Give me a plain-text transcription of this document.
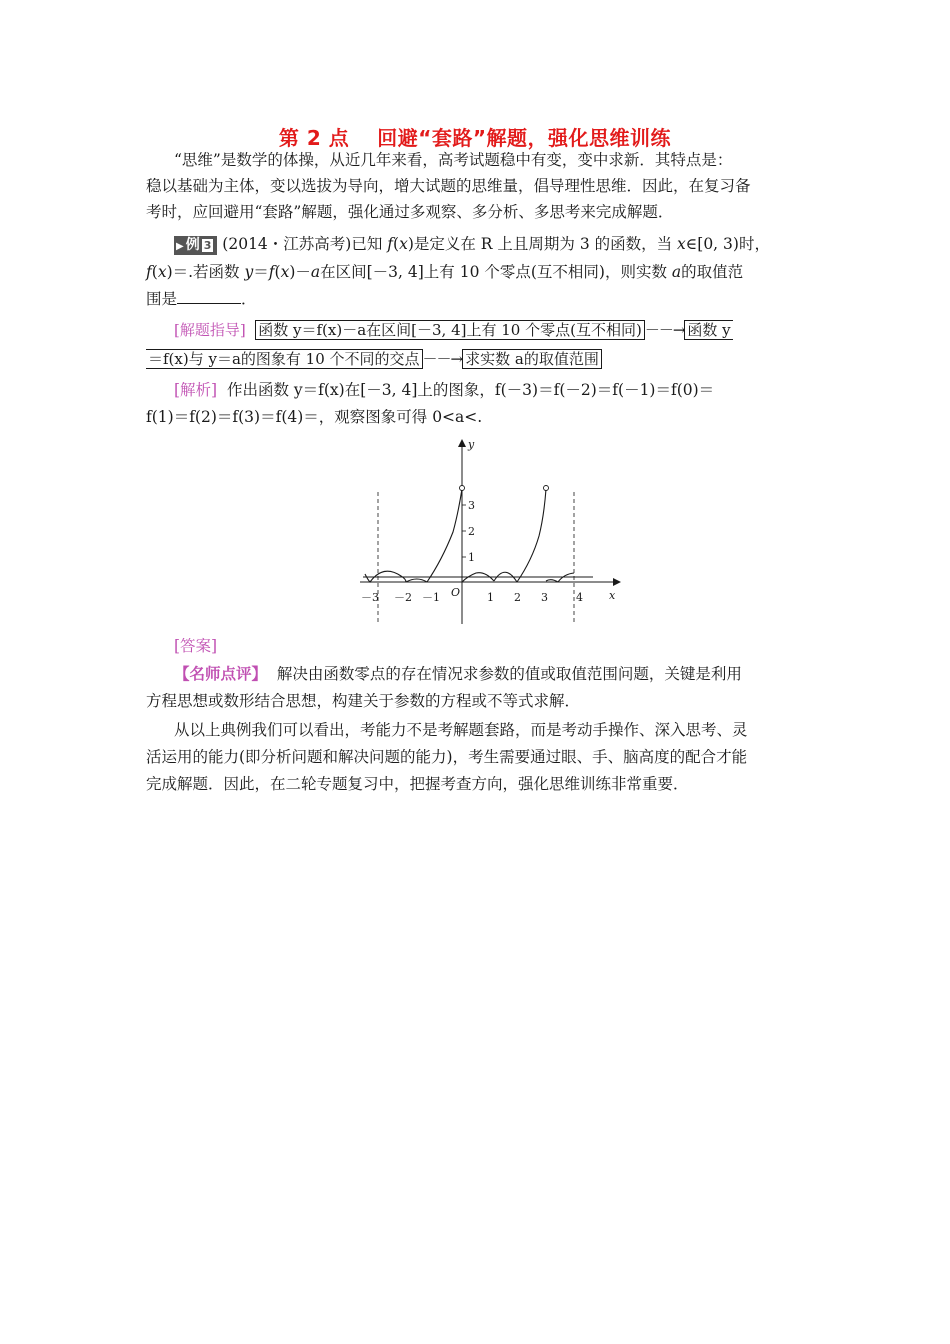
第 2 点 回避“套路”解题，强化思维训练
“思维”是数学的体操，从近几年来看，高考试题稳中有变，变中求新．其特点是：
稳以基础为主体，变以选拔为导向，增大试题的思维量，倡导理性思维．因此，在复习备
考时，应回避用“套路”解题，强化通过多观察、多分析、多思考来完成解题．
▶ 例 3 (2014・江苏高考)已知 f(x)是定义在 R 上且周期为 3 的函数，当 x∈[0, 3)时，
f(x)＝.若函数 y＝f(x)－a在区间[－3, 4]上有 10 个零点(互不相同)，则实数 a的取值范
围是	．
[解题指导] 函数 y＝f(x)－a在区间[－3, 4]上有 10 个零点(互不相同) －－→ 函数 y
＝f(x)与 y＝a的图象有 10 个不同的交点 －－→ 求实数 a的取值范围
[解析] 作出函数 y＝f(x)在[－3, 4]上的图象，f(－3)＝f(－2)＝f(－1)＝f(0)＝
f(1)＝f(2)＝f(3)＝f(4)＝，观察图象可得 0<a<.
y
x
O
－3 －2 －1	1 2 3	4
1
2
3
[答案]
【名师点评】 解决由函数零点的存在情况求参数的值或取值范围问题，关键是利用
方程思想或数形结合思想，构建关于参数的方程或不等式求解．
从以上典例我们可以看出，考能力不是考解题套路，而是考动手操作、深入思考、灵
活运用的能力(即分析问题和解决问题的能力)，考生需要通过眼、手、脑高度的配合才能
完成解题．因此，在二轮专题复习中，把握考查方向，强化思维训练非常重要．
